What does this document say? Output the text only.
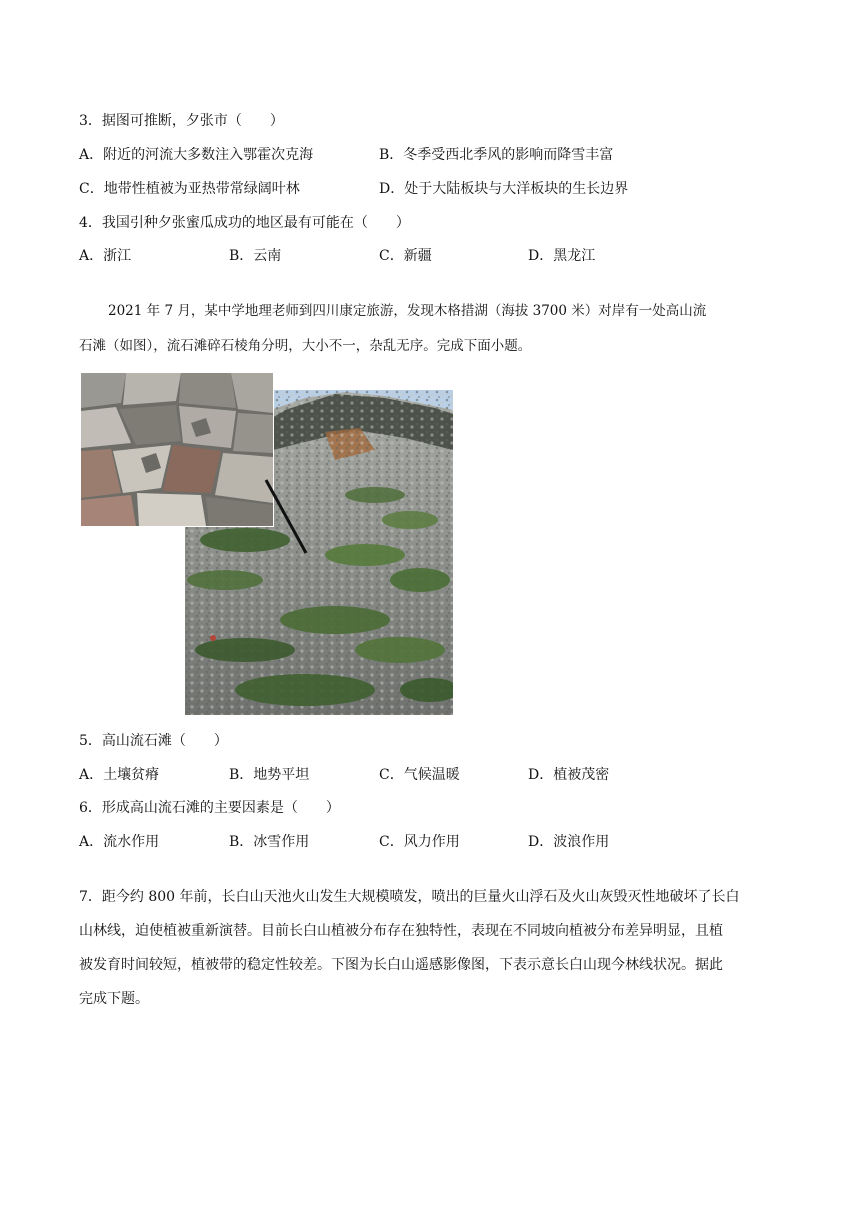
3．据图可推断，夕张市（　　）
A．附近的河流大多数注入鄂霍次克海	B．冬季受西北季风的影响而降雪丰富
C．地带性植被为亚热带常绿阔叶林	D．处于大陆板块与大洋板块的生长边界
4．我国引种夕张蜜瓜成功的地区最有可能在（　　）
A．浙江	B．云南	C．新疆	D．黑龙江
2021 年 7 月，某中学地理老师到四川康定旅游，发现木格措湖（海拔 3700 米）对岸有一处高山流
石滩（如图），流石滩碎石棱角分明，大小不一，杂乱无序。完成下面小题。
5．高山流石滩（　　）
A．土壤贫瘠	B．地势平坦	C．气候温暖	D．植被茂密
6．形成高山流石滩的主要因素是（　　）
A．流水作用	B．冰雪作用	C．风力作用	D．波浪作用
7．距今约 800 年前，长白山天池火山发生大规模喷发，喷出的巨量火山浮石及火山灰毁灭性地破坏了长白
山林线，迫使植被重新演替。目前长白山植被分布存在独特性，表现在不同坡向植被分布差异明显，且植
被发育时间较短，植被带的稳定性较差。下图为长白山遥感影像图，下表示意长白山现今林线状况。据此
完成下题。
